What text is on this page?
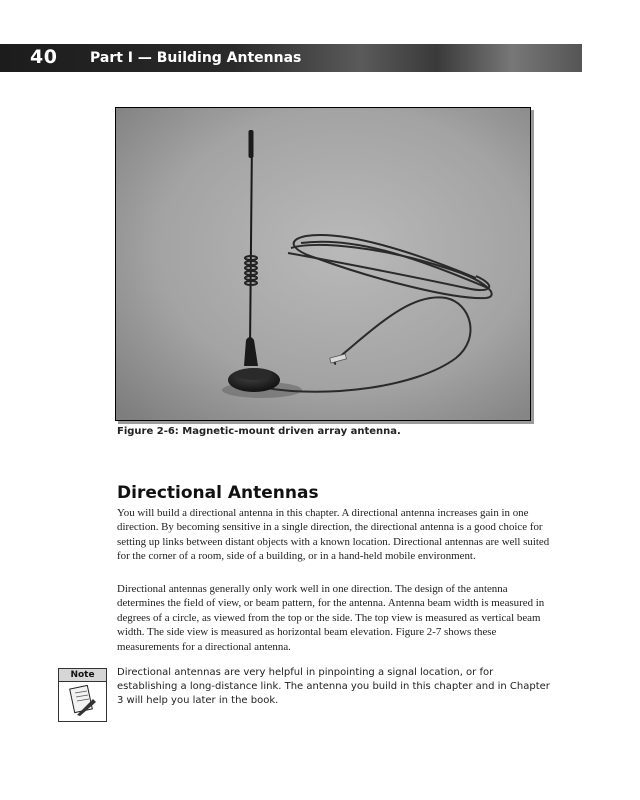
40 Part I — Building Antennas
Figure 2-6: Magnetic-mount driven array antenna.
Directional Antennas

You will build a directional antenna in this chapter. A directional antenna increases gain in one direction. By becoming sensitive in a single direction, the directional antenna is a good choice for setting up links between distant objects with a known location. Directional antennas are well suited for the corner of a room, side of a building, or in a hand-held mobile environment.

Directional antennas generally only work well in one direction. The design of the antenna determines the field of view, or beam pattern, for the antenna. Antenna beam width is measured in degrees of a circle, as viewed from the top or the side. The top view is measured as vertical beam width. The side view is measured as horizontal beam elevation. Figure 2-7 shows these measurements for a directional antenna.

Note	Directional antennas are very helpful in pinpointing a signal location, or for establishing a long-distance link. The antenna you build in this chapter and in Chapter 3 will help you later in the book.
